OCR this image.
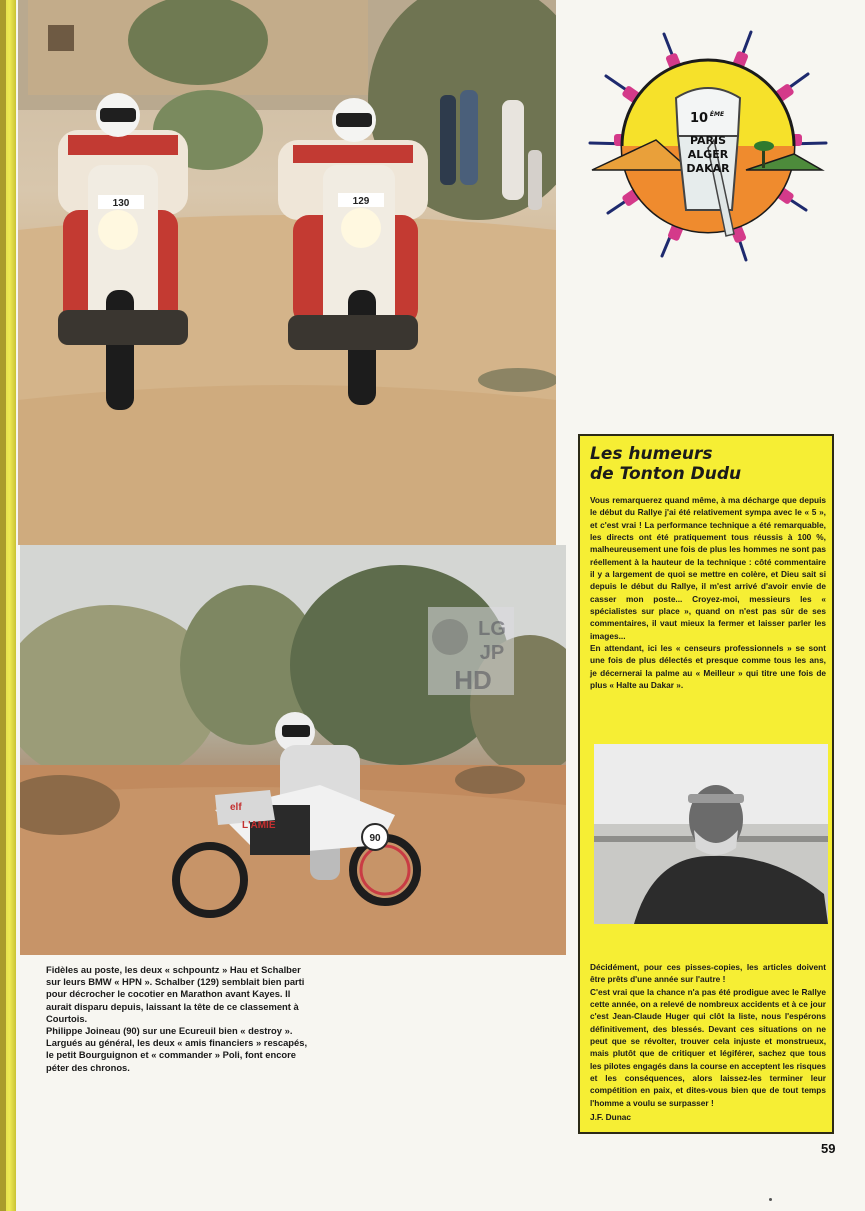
130	129
elf
L'AMIE
90
LG
JP
HD
10 ÈME
PARIS
ALGER
DAKAR

Fidèles au poste, les deux « schpountz » Hau et Schalber sur leurs BMW « HPN ». Schalber (129) semblait bien parti pour décrocher le cocotier en Marathon avant Kayes. Il aurait disparu depuis, laissant la tête de ce classement à Courtois.

Philippe Joineau (90) sur une Ecureuil bien « destroy ». Largués au général, les deux « amis financiers » rescapés, le petit Bourguignon et « commander » Poli, font encore péter des chronos.

Les humeurs
de Tonton Dudu

Vous remarquerez quand même, à ma décharge que depuis le début du Rallye j'ai été relativement sympa avec le « 5 », et c'est vrai ! La performance technique a été remarquable, les directs ont été pratiquement tous réussis à 100 %, malheureusement une fois de plus les hommes ne sont pas réellement à la hauteur de la technique : côté commentaire il y a largement de quoi se mettre en colère, et Dieu sait si depuis le début du Rallye, il m'est arrivé d'avoir envie de casser mon poste... Croyez-moi, messieurs les « spécialistes sur place », quand on n'est pas sûr de ses commentaires, il vaut mieux la fermer et laisser parler les images...

En attendant, ici les « censeurs professionnels » se sont une fois de plus délectés et presque comme tous les ans, je décernerai la palme au « Meilleur » qui titre une fois de plus « Halte au Dakar ».

Décidément, pour ces pisses-copies, les articles doivent être prêts d'une année sur l'autre !

C'est vrai que la chance n'a pas été prodigue avec le Rallye cette année, on a relevé de nombreux accidents et à ce jour c'est Jean-Claude Huger qui clôt la liste, nous l'espérons définitivement, des blessés. Devant ces situations on ne peut que se révolter, trouver cela injuste et monstrueux, mais plutôt que de critiquer et légiférer, sachez que tous les pilotes engagés dans la course en acceptent les risques et les conséquences, alors laissez-les terminer leur compétition en paix, et dites-vous bien que de tout temps l'homme a voulu se surpasser !

J.F. Dunac

59
